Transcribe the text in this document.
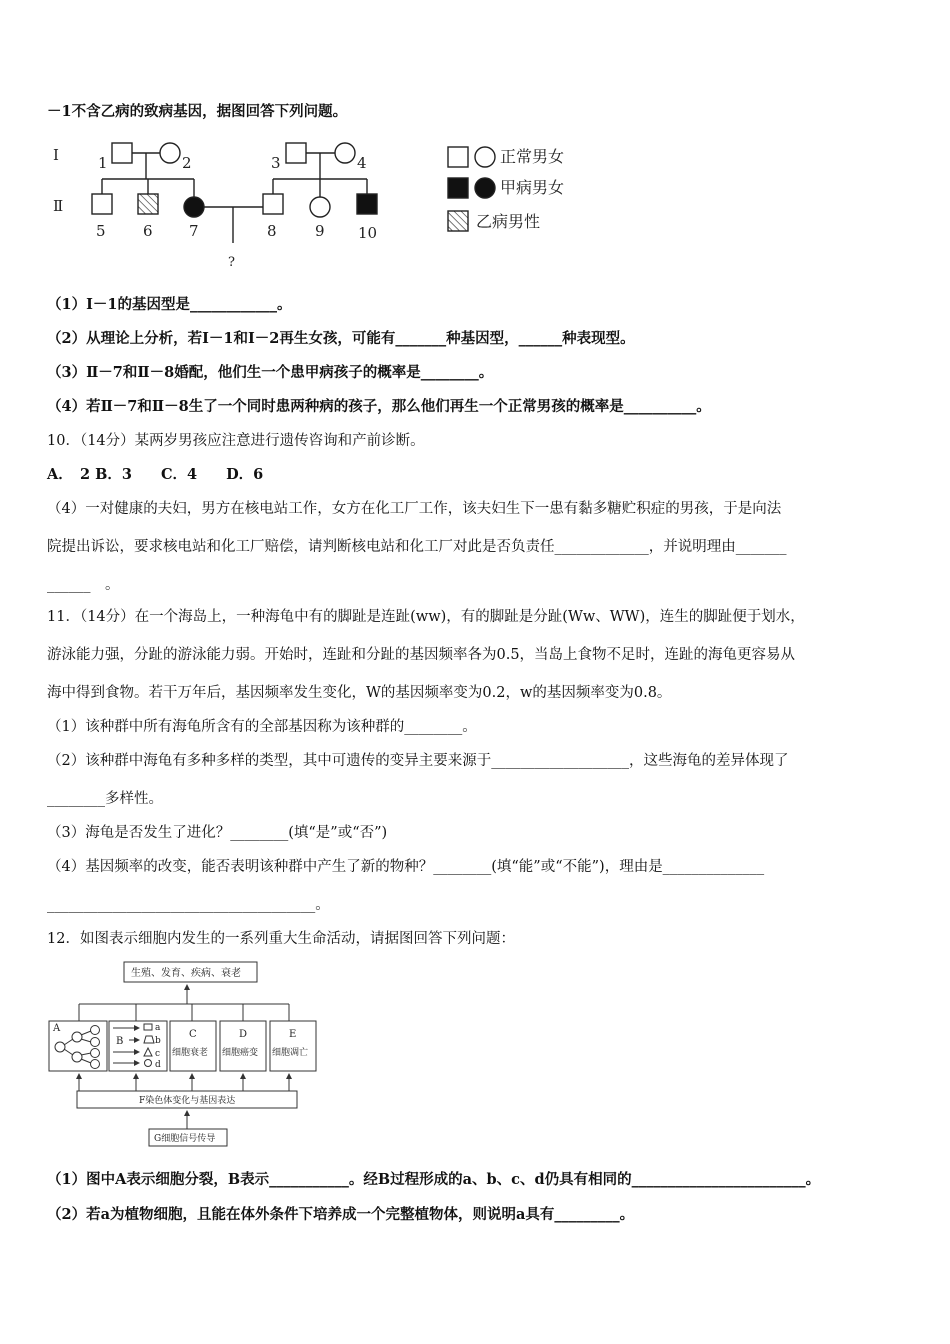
－1不含乙病的致病基因，据图回答下列问题。
Ⅰ
Ⅱ
1	2	3	4
5 6 7	8	9 10
?
正常男女
甲病男女
乙病男性
（1）Ⅰ－1的基因型是____________。
（2）从理论上分析，若Ⅰ－1和Ⅰ－2再生女孩，可能有_______种基因型，______种表现型。
（3）Ⅱ－7和Ⅱ－8婚配，他们生一个患甲病孩子的概率是________。
（4）若Ⅱ－7和Ⅱ－8生了一个同时患两种病的孩子，那么他们再生一个正常男孩的概率是__________。
10．（14分）某两岁男孩应注意进行遗传咨询和产前诊断。
A．　2 B．3　　C．4　　D．6
（4）一对健康的夫妇，男方在核电站工作，女方在化工厂工作，该夫妇生下一患有黏多糖贮积症的男孩，于是向法
院提出诉讼，要求核电站和化工厂赔偿，请判断核电站和化工厂对此是否负责任_____________，并说明理由_______
______　。
11．（14分）在一个海岛上，一种海龟中有的脚趾是连趾(ww)，有的脚趾是分趾(Ww、WW)，连生的脚趾便于划水，
游泳能力强，分趾的游泳能力弱。开始时，连趾和分趾的基因频率各为0.5，当岛上食物不足时，连趾的海龟更容易从
海中得到食物。若干万年后，基因频率发生变化，W的基因频率变为0.2，w的基因频率变为0.8。
（1）该种群中所有海龟所含有的全部基因称为该种群的________。
（2）该种群中海龟有多种多样的类型，其中可遗传的变异主要来源于___________________，这些海龟的差异体现了
________多样性。
（3）海龟是否发生了进化？________(填“是”或“否”)
（4）基因频率的改变，能否表明该种群中产生了新的物种？________(填“能”或“不能”)，理由是______________
_____________________________________。
12．如图表示细胞内发生的一系列重大生命活动，请据图回答下列问题：
生殖、发育、疾病、衰老
A
B
a
b
c
d
C
细胞衰老
D
细胞癌变
E
细胞凋亡
F染色体变化与基因表达
G细胞信号传导
（1）图中A表示细胞分裂，B表示___________。经B过程形成的a、b、c、d仍具有相同的________________________。
（2）若a为植物细胞，且能在体外条件下培养成一个完整植物体，则说明a具有_________。
